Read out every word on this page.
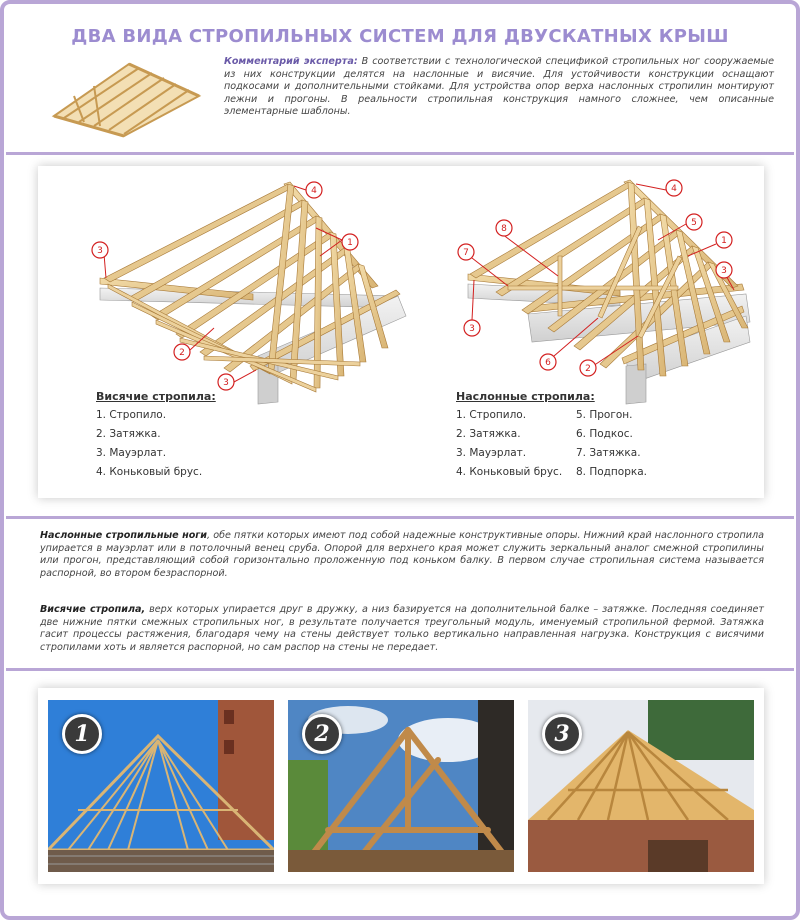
ДВА ВИДА СТРОПИЛЬНЫХ СИСТЕМ ДЛЯ ДВУСКАТНЫХ КРЫШ
Комментарий эксперта: В соответствии с технологической спецификой стропильных ног сооружаемые из них конструкции делятся на наслонные и висячие. Для устойчивости конструкции оснащают подкосами и дополнительными стойками. Для устройства опор верха наслонных стропилин монтируют лежни и прогоны. В реальности стропильная конструкция намного сложнее, чем описанные элементарные шаблоны.
3
4
1
2
3
3
7
8
4
5
1
3
6
2
Висячие стропила:
1. Стропило.
2. Затяжка.
3. Мауэрлат.
4. Коньковый брус.
Наслонные стропила:
1. Стропило.
2. Затяжка.
3. Мауэрлат.
4. Коньковый брус.
5. Прогон.
6. Подкос.
7. Затяжка.
8. Подпорка.
Наслонные стропильные ноги, обе пятки которых имеют под собой надежные конструктивные опоры. Нижний край наслонного стропила упирается в мауэрлат или в потолочный венец сруба. Опорой для верхнего края может служить зеркальный аналог смежной стропилины или прогон, представляющий собой горизонтально проложенную под коньком балку. В первом случае стропильная система называется распорной, во втором безраспорной.
Висячие стропила, верх которых упирается друг в дружку, а низ базируется на дополнительной балке – затяжке. Последняя соединяет две нижние пятки смежных стропильных ног, в результате получается треугольный модуль, именуемый стропильной фермой. Затяжка гасит процессы растяжения, благодаря чему на стены действует только вертикально направленная нагрузка. Конструкция с висячими стропилами хоть и является распорной, но сам распор на стены не передает.
1	2	3
